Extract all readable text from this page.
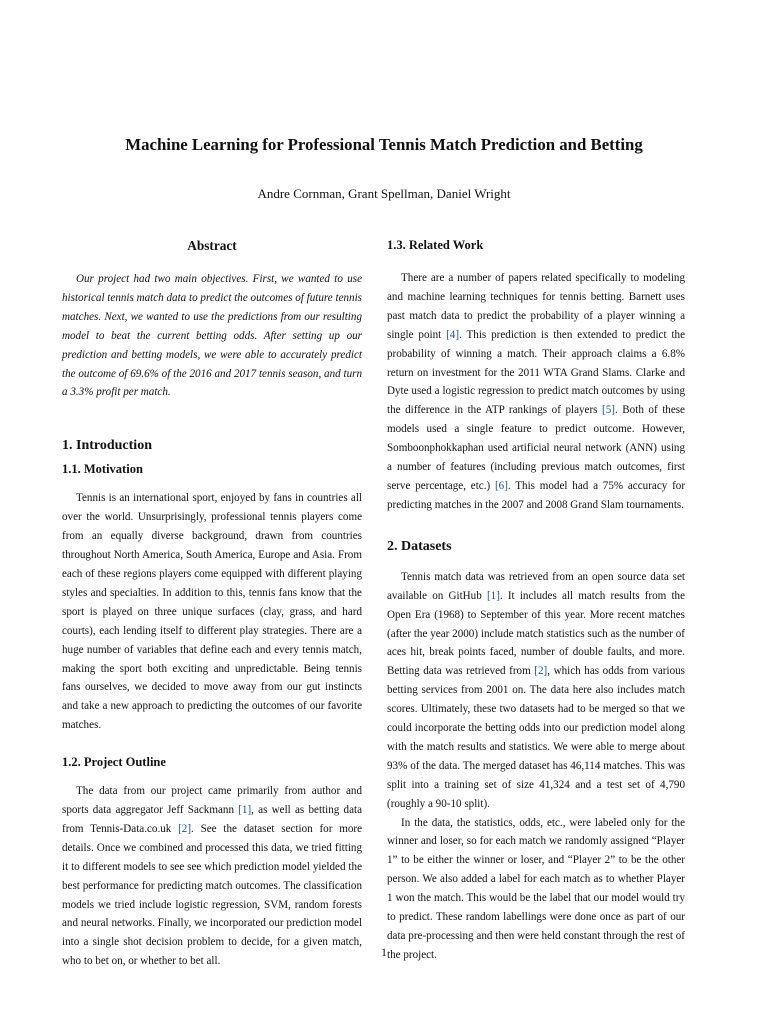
Machine Learning for Professional Tennis Match Prediction and Betting
Andre Cornman, Grant Spellman, Daniel Wright
Abstract

Our project had two main objectives. First, we wanted to use historical tennis match data to predict the outcomes of future tennis matches. Next, we wanted to use the predictions from our resulting model to beat the current betting odds. After setting up our prediction and betting models, we were able to accurately predict the outcome of 69.6% of the 2016 and 2017 tennis season, and turn a 3.3% profit per match.

1. Introduction
1.1. Motivation

Tennis is an international sport, enjoyed by fans in countries all over the world. Unsurprisingly, professional tennis players come from an equally diverse background, drawn from countries throughout North America, South America, Europe and Asia. From each of these regions players come equipped with different playing styles and specialties. In addition to this, tennis fans know that the sport is played on three unique surfaces (clay, grass, and hard courts), each lending itself to different play strategies. There are a huge number of variables that define each and every tennis match, making the sport both exciting and unpredictable. Being tennis fans ourselves, we decided to move away from our gut instincts and take a new approach to predicting the outcomes of our favorite matches.

1.2. Project Outline

The data from our project came primarily from author and sports data aggregator Jeff Sackmann [1], as well as betting data from Tennis-Data.co.uk [2]. See the dataset section for more details. Once we combined and processed this data, we tried fitting it to different models to see see which prediction model yielded the best performance for predicting match outcomes. The classification models we tried include logistic regression, SVM, random forests and neural networks. Finally, we incorporated our prediction model into a single shot decision problem to decide, for a given match, who to bet on, or whether to bet all.

1.3. Related Work

There are a number of papers related specifically to modeling and machine learning techniques for tennis betting. Barnett uses past match data to predict the probability of a player winning a single point [4]. This prediction is then extended to predict the probability of winning a match. Their approach claims a 6.8% return on investment for the 2011 WTA Grand Slams. Clarke and Dyte used a logistic regression to predict match outcomes by using the difference in the ATP rankings of players [5]. Both of these models used a single feature to predict outcome. However, Somboonphokkaphan used artificial neural network (ANN) using a number of features (including previous match outcomes, first serve percentage, etc.) [6]. This model had a 75% accuracy for predicting matches in the 2007 and 2008 Grand Slam tournaments.

2. Datasets

Tennis match data was retrieved from an open source data set available on GitHub [1]. It includes all match results from the Open Era (1968) to September of this year. More recent matches (after the year 2000) include match statistics such as the number of aces hit, break points faced, number of double faults, and more. Betting data was retrieved from [2], which has odds from various betting services from 2001 on. The data here also includes match scores. Ultimately, these two datasets had to be merged so that we could incorporate the betting odds into our prediction model along with the match results and statistics. We were able to merge about 93% of the data. The merged dataset has 46,114 matches. This was split into a training set of size 41,324 and a test set of 4,790 (roughly a 90-10 split).

In the data, the statistics, odds, etc., were labeled only for the winner and loser, so for each match we randomly assigned “Player 1” to be either the winner or loser, and “Player 2” to be the other person. We also added a label for each match as to whether Player 1 won the match. This would be the label that our model would try to predict. These random labellings were done once as part of our data pre-processing and then were held constant through the rest of the project.

1
